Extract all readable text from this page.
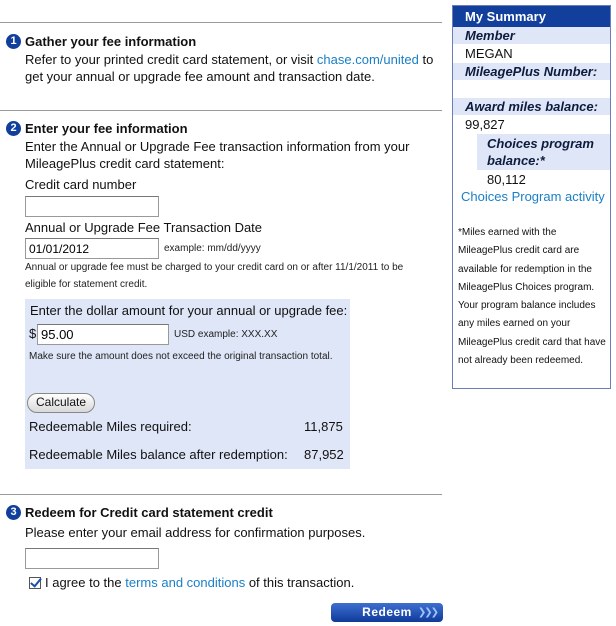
1 Gather your fee information
Refer to your printed credit card statement, or visit chase.com/united to
get your annual or upgrade fee amount and transaction date.
2 Enter your fee information
Enter the Annual or Upgrade Fee transaction information from your
MileagePlus credit card statement:
Credit card number
Annual or Upgrade Fee Transaction Date
01/01/2012
example: mm/dd/yyyy
Annual or upgrade fee must be charged to your credit card on or after 11/1/2011 to be
eligible for statement credit.
Enter the dollar amount for your annual or upgrade fee:
$
95.00	USD example: XXX.XX
Make sure the amount does not exceed the original transaction total.
Calculate
Redeemable Miles required:	11,875
Redeemable Miles balance after redemption: 87,952
3 Redeem for Credit card statement credit
Please enter your email address for confirmation purposes.
I agree to the terms and conditions of this transaction.
Redeem ❯❯❯
My Summary
Member
MEGAN
MileagePlus Number:
Award miles balance:
99,827
Choices program
balance:*
80,112
Choices Program activity
*Miles earned with the MileagePlus credit card are available for redemption in the MileagePlus Choices program. Your program balance includes any miles earned on your MileagePlus credit card that have not already been redeemed.
